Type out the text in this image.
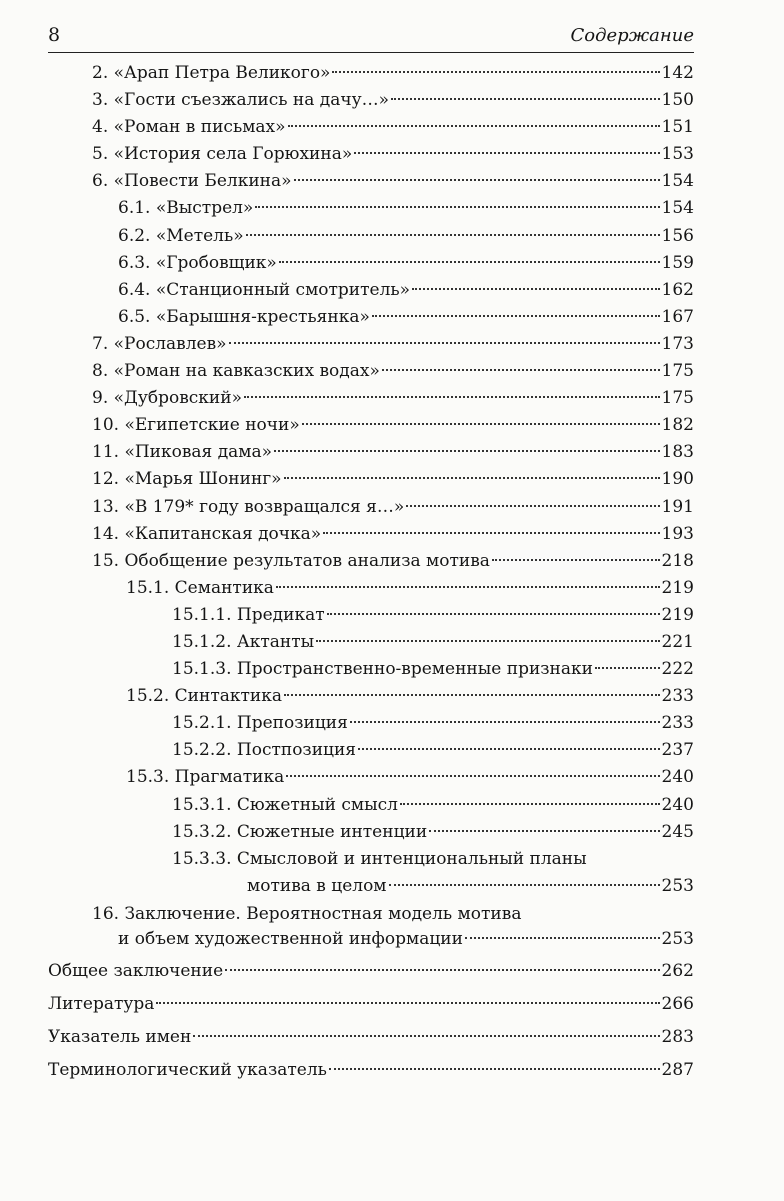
8	Содержание
2. «Арап Петра Великого»	142
3. «Гости съезжались на дачу…»	150
4. «Роман в письмах»	151
5. «История села Горюхина»	153
6. «Повести Белкина»	154
6.1. «Выстрел»	154
6.2. «Метель»	156
6.3. «Гробовщик»	159
6.4. «Станционный смотритель»	162
6.5. «Барышня-крестьянка»	167
7. «Рославлев»	173
8. «Роман на кавказских водах»	175
9. «Дубровский»	175
10. «Египетские ночи»	182
11. «Пиковая дама»	183
12. «Марья Шонинг»	190
13. «В 179* году возвращался я…»	191
14. «Капитанская дочка»	193
15. Обобщение результатов анализа мотива	218
15.1. Семантика	219
15.1.1. Предикат	219
15.1.2. Актанты	221
15.1.3. Пространственно-временные признаки	222
15.2. Синтактика	233
15.2.1. Препозиция	233
15.2.2. Постпозиция	237
15.3. Прагматика	240
15.3.1. Сюжетный смысл	240
15.3.2. Сюжетные интенции	245
15.3.3. Смысловой и интенциональный планы
мотива в целом	253
16. Заключение. Вероятностная модель мотива
и объем художественной информации	253
Общее заключение	262
Литература	266
Указатель имен	283
Терминологический указатель	287
